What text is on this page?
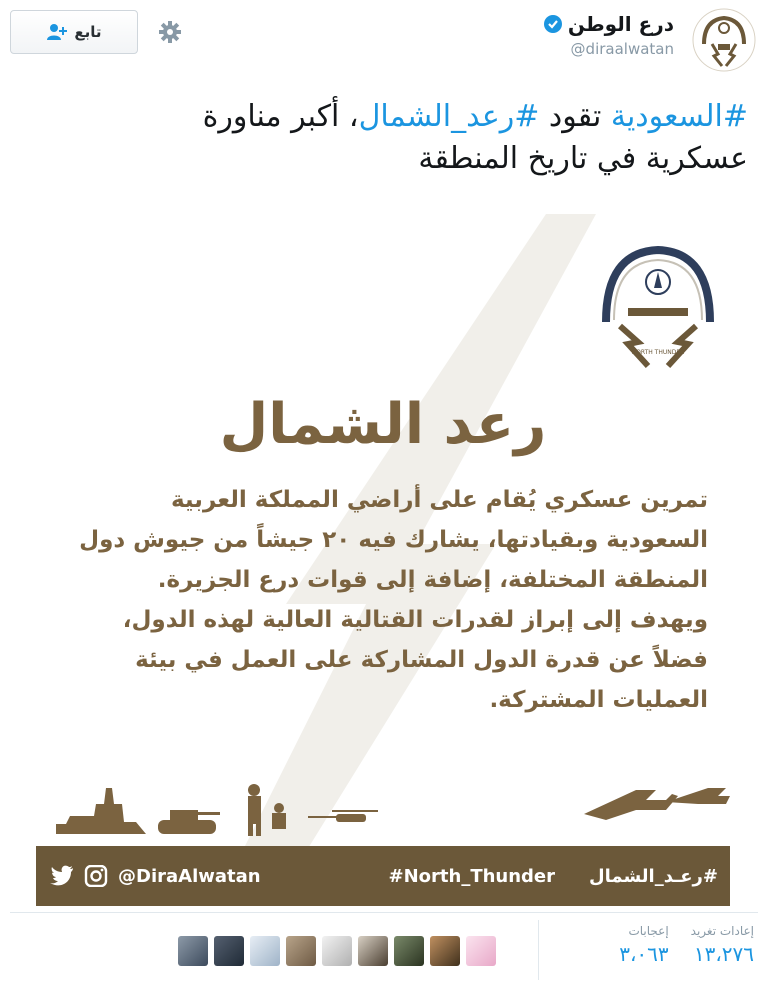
تابع	درع الوطن
@diraalwatan
#السعودية تقود #رعد_الشمال، أكبر مناورة
عسكرية في تاريخ المنطقة
NORTH THUNDER
رعد الشمال
تمرين عسكري يُقام على أراضي المملكة العربية السعودية وبقيادتها، يشارك فيه ٢٠ جيشاً من جيوش دول المنطقة المختلفة، إضافة إلى قوات درع الجزيرة. ويهدف إلى إبراز لقدرات القتالية العالية لهذه الدول، فضلاً عن قدرة الدول المشاركة على العمل في بيئة العمليات المشتركة.
@DiraAlwatan	#North_Thunder #رعـد_الشمال
إعادات تغريد
١٣،٢٧٦
إعجابات
٣،٠٦٣
